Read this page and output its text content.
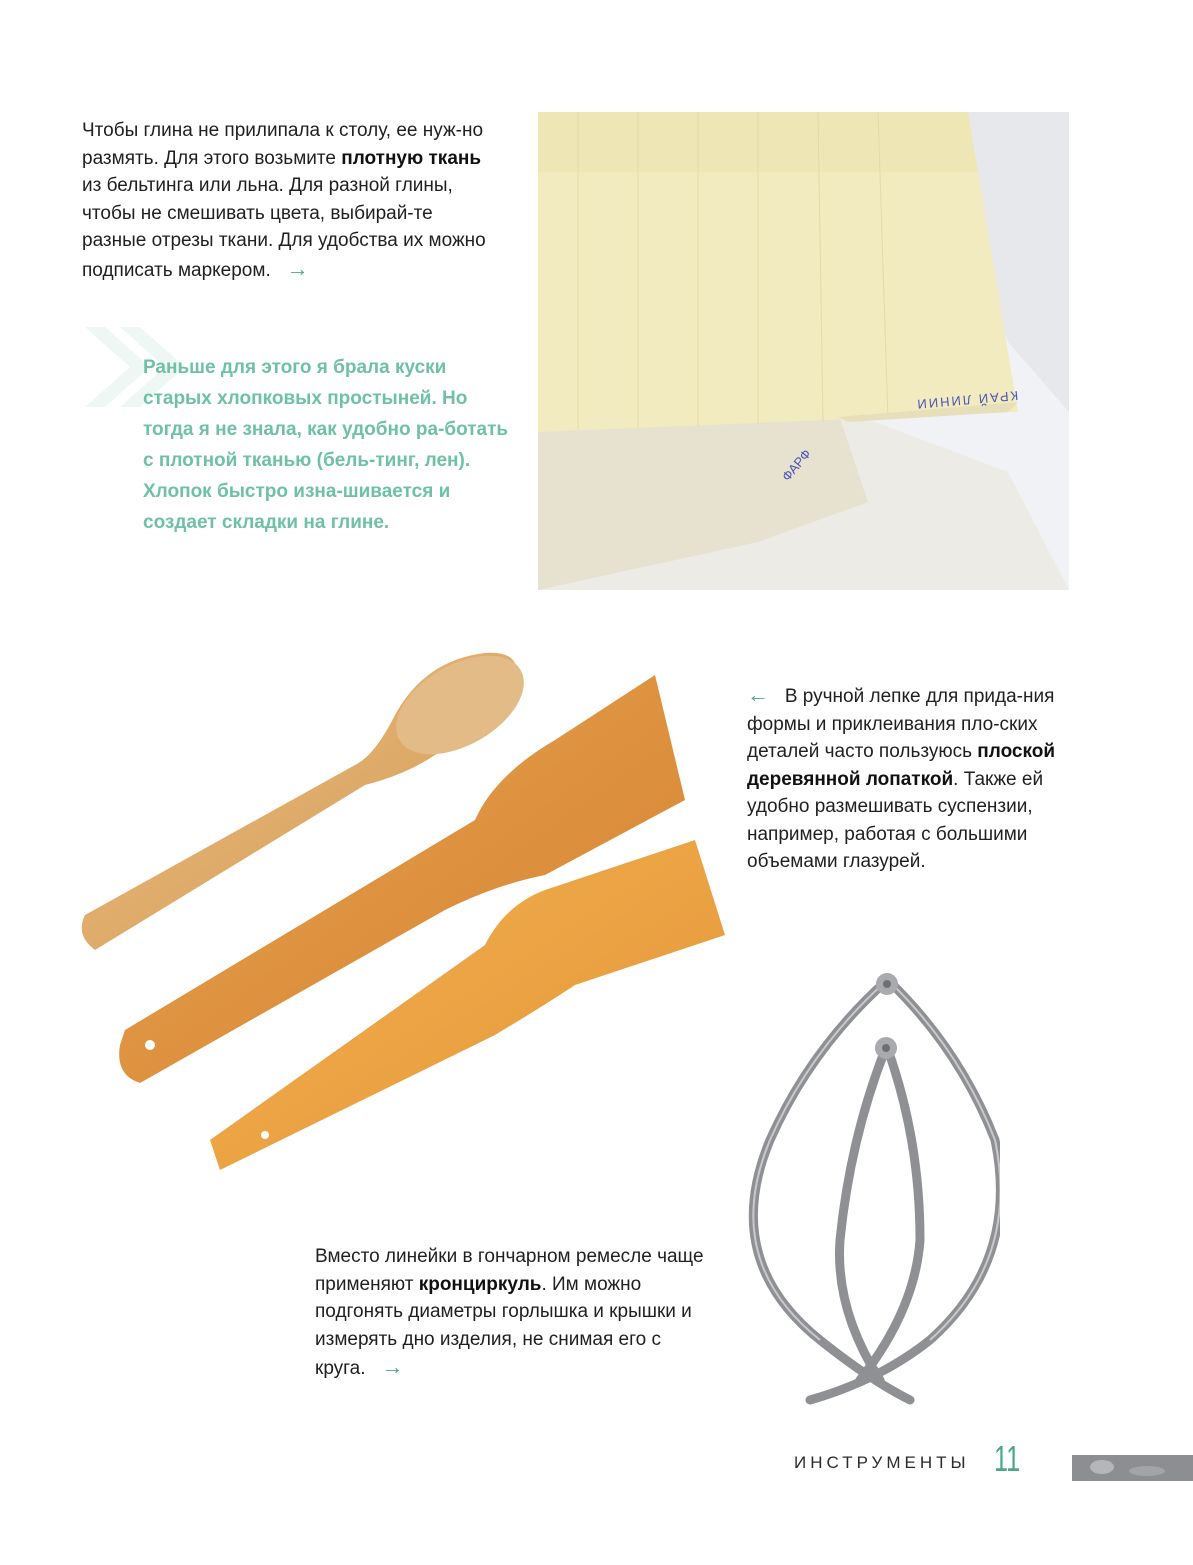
Чтобы глина не прилипала к столу, ее нуж-но размять. Для этого возьмите плотную ткань из бельтинга или льна. Для разной глины, чтобы не смешивать цвета, выбирай-те разные отрезы ткани. Для удобства их можно подписать маркером. →
Раньше для этого я брала куски старых хлопковых простыней. Но тогда я не знала, как удобно ра-ботать с плотной тканью (бель-тинг, лен). Хлопок быстро изна-шивается и создает складки на глине.
КРАЙ ЛИНИИ
ФАРФ
← В ручной лепке для прида-ния формы и приклеивания пло-ских деталей часто пользуюсь плоской деревянной лопаткой. Также ей удобно размешивать суспензии, например, работая с большими объемами глазурей.
Вместо линейки в гончарном ремесле чаще применяют кронциркуль. Им можно подгонять диаметры горлышка и крышки и измерять дно изделия, не снимая его с круга. →
ИНСТРУМЕНТЫ 11
